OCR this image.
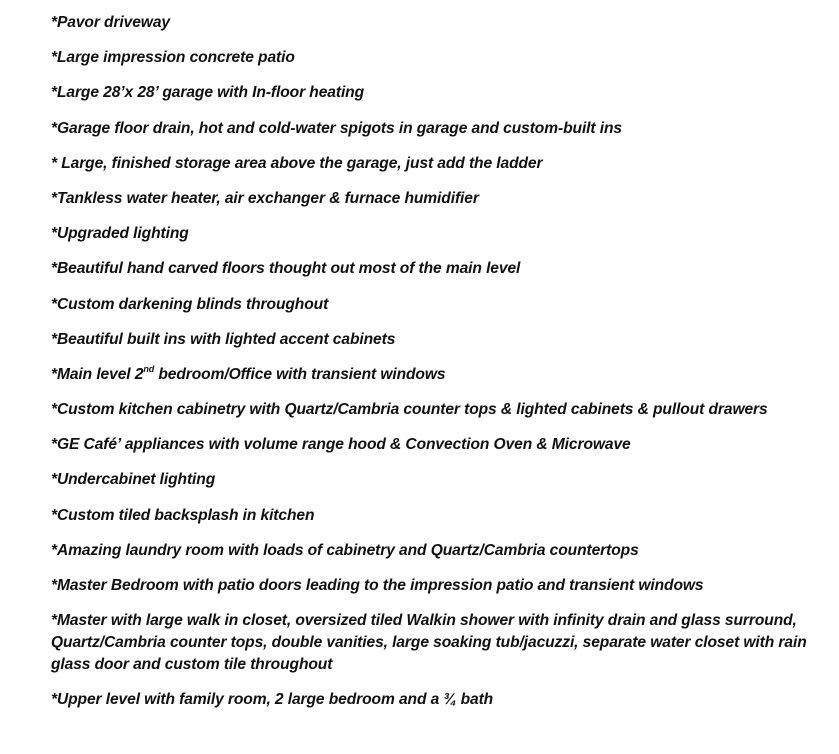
*Pavor driveway
*Large impression concrete patio
*Large 28’x 28’ garage with In-floor heating
*Garage floor drain, hot and cold-water spigots in garage and custom-built ins
* Large, finished storage area above the garage, just add the ladder
*Tankless water heater, air exchanger & furnace humidifier
*Upgraded lighting
*Beautiful hand carved floors thought out most of the main level
*Custom darkening blinds throughout
*Beautiful built ins with lighted accent cabinets
*Main level 2nd bedroom/Office with transient windows
*Custom kitchen cabinetry with Quartz/Cambria counter tops & lighted cabinets & pullout drawers
*GE Café’ appliances with volume range hood & Convection Oven & Microwave
*Undercabinet lighting
*Custom tiled backsplash in kitchen
*Amazing laundry room with loads of cabinetry and Quartz/Cambria countertops
*Master Bedroom with patio doors leading to the impression patio and transient windows
*Master with large walk in closet, oversized tiled Walkin shower with infinity drain and glass surround, Quartz/Cambria counter tops, double vanities, large soaking tub/jacuzzi, separate water closet with rain glass door and custom tile throughout
*Upper level with family room, 2 large bedroom and a ¾ bath
